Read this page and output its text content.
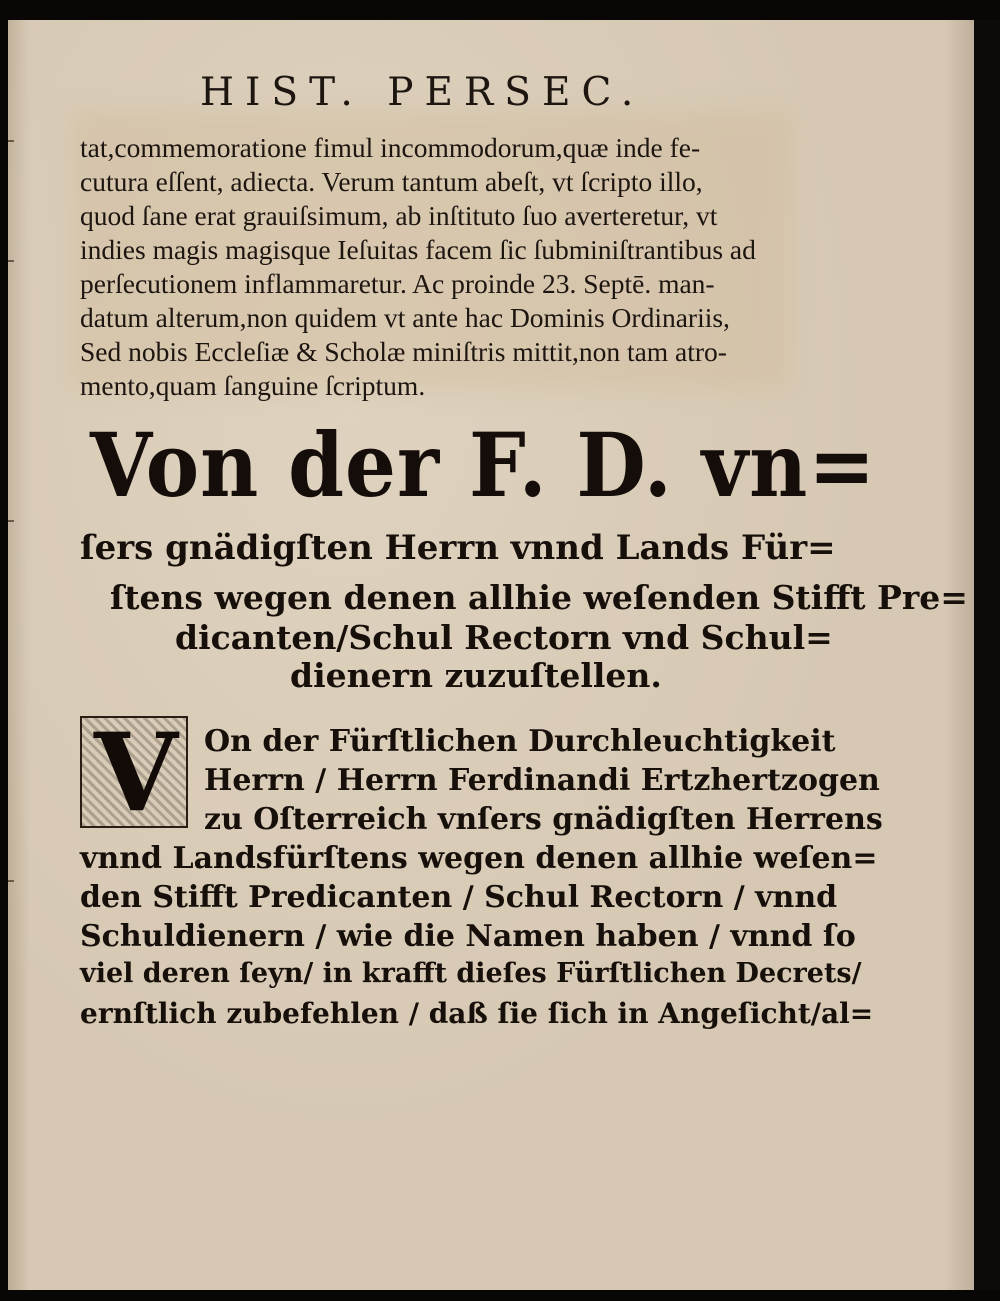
HIST. PERSEC.
tat,commemoratione fimul incommodorum,quæ inde fe-
cutura eſſent, adiecta. Verum tantum abeſt, vt ſcripto illo,
quod ſane erat grauiſsimum, ab inſtituto ſuo averteretur, vt
indies magis magisque Ieſuitas facem ſic ſubminiſtrantibus ad
perſecutionem inflammaretur. Ac proinde 23. Septē. man-
datum alterum,non quidem vt ante hac Dominis Ordinariis,
Sed nobis Eccleſiæ & Scholæ miniſtris mittit,non tam atro-
mento,quam ſanguine ſcriptum.
Von der F. D. vn=
ſers gnädigſten Herrn vnnd Lands Für=
ſtens wegen denen allhie weſenden Stifft Pre=
dicanten/Schul Rectorn vnd Schul=
dienern zuzuſtellen.
V On der Fürſtlichen Durchleuchtigkeit
Herrn / Herrn Ferdinandi Ertzhertzogen
zu Oſterreich vnſers gnädigſten Herrens
vnnd Landsfürſtens wegen denen allhie weſen=
den Stifft Predicanten / Schul Rectorn / vnnd
Schuldienern / wie die Namen haben / vnnd ſo
viel deren ſeyn/ in krafft dieſes Fürſtlichen Decrets/
ernſtlich zubefehlen / daß ſie ſich in Angeſicht/al=
